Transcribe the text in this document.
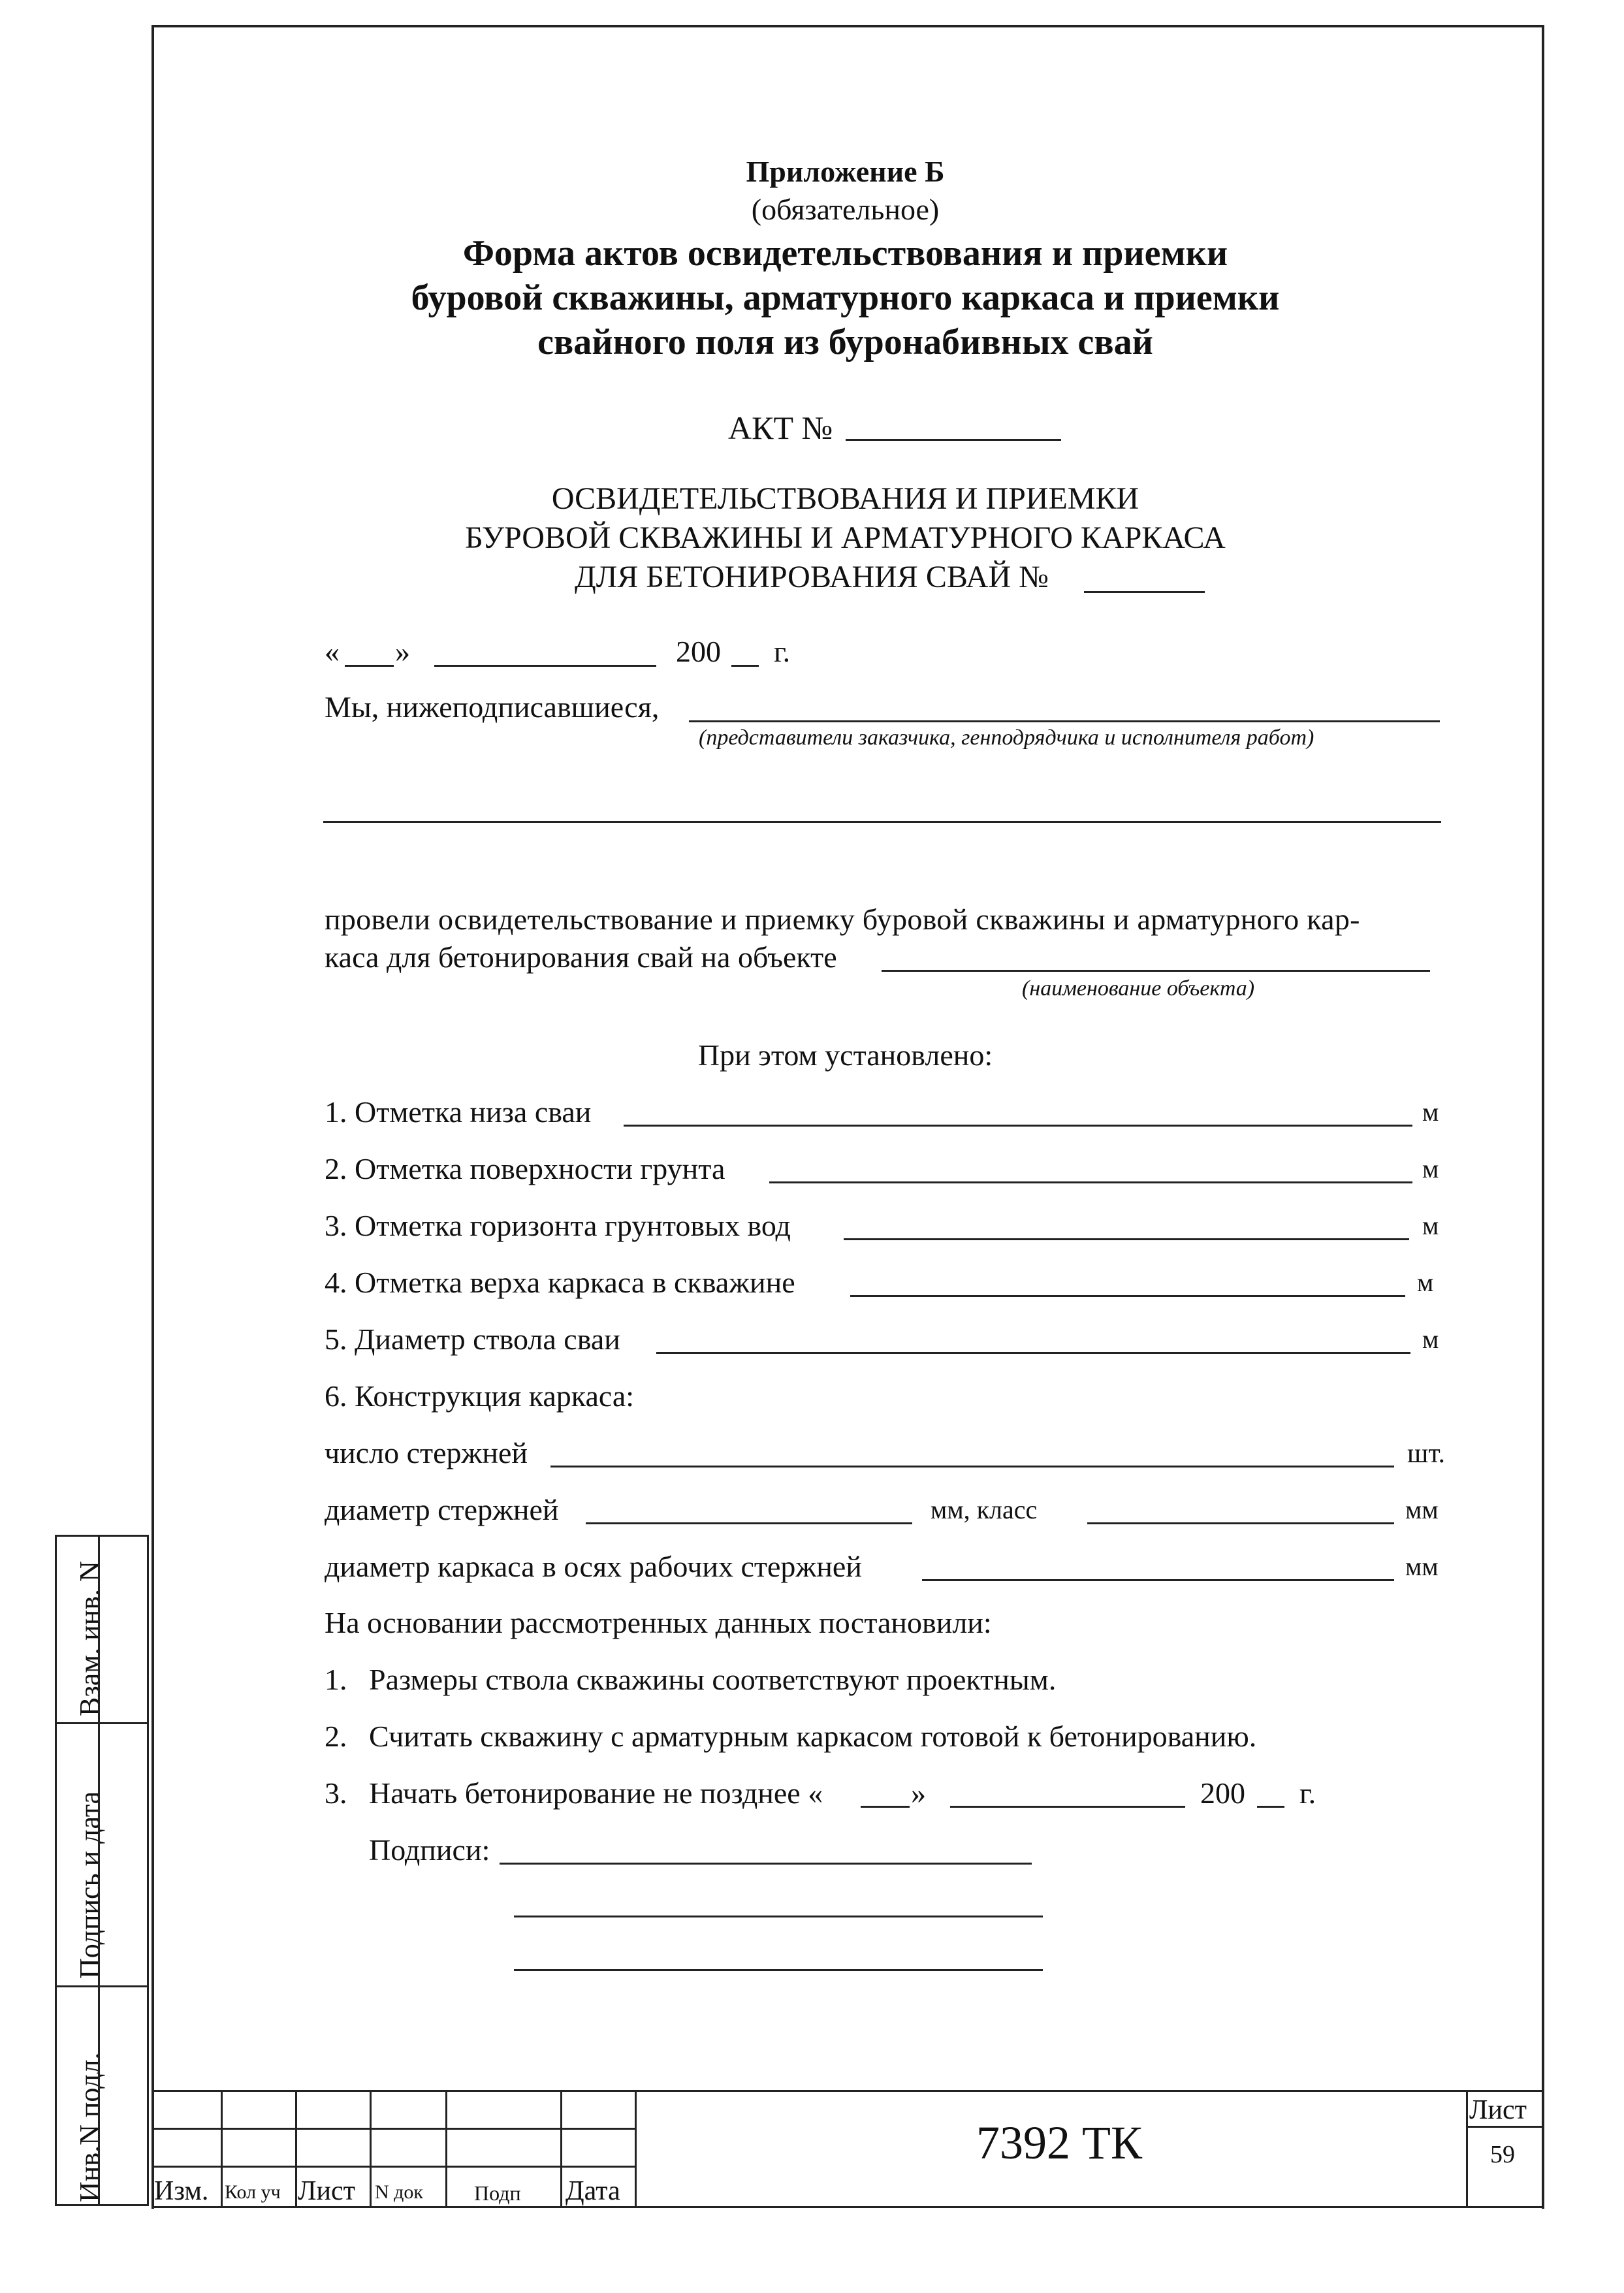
Приложение Б
(обязательное)
Форма актов освидетельствования и приемки
буровой скважины, арматурного каркаса и приемки
свайного поля из буронабивных свай
АКТ №
ОСВИДЕТЕЛЬСТВОВАНИЯ И ПРИЕМКИ
БУРОВОЙ СКВАЖИНЫ И АРМАТУРНОГО КАРКАСА
ДЛЯ БЕТОНИРОВАНИЯ СВАЙ №
« »	200 г.
Мы, нижеподписавшиеся,
(представители заказчика, генподрядчика и исполнителя работ)
провели освидетельствование и приемку буровой скважины и арматурного кар-
каса для бетонирования свай на объекте
(наименование объекта)
При этом установлено:
1. Отметка низа сваи	м
2. Отметка поверхности грунта	м
3. Отметка горизонта грунтовых вод	м
4. Отметка верха каркаса в скважине	м
5. Диаметр ствола сваи	м
6. Конструкция каркаса:
число стержней	шт.
диаметр стержней	мм, класс	мм
диаметр каркаса в осях рабочих стержней	мм
На основании рассмотренных данных постановили:
1. Размеры ствола скважины соответствуют проектным.
2. Считать скважину с арматурным каркасом готовой к бетонированию.
3. Начать бетонирование не позднее «	»	200 г.
Подписи:
Взам. инв. N
Подпись и дата
Инв.N подл. Изм. Кол уч Лист N док Подп Дата
7392 ТК
Лист
59
